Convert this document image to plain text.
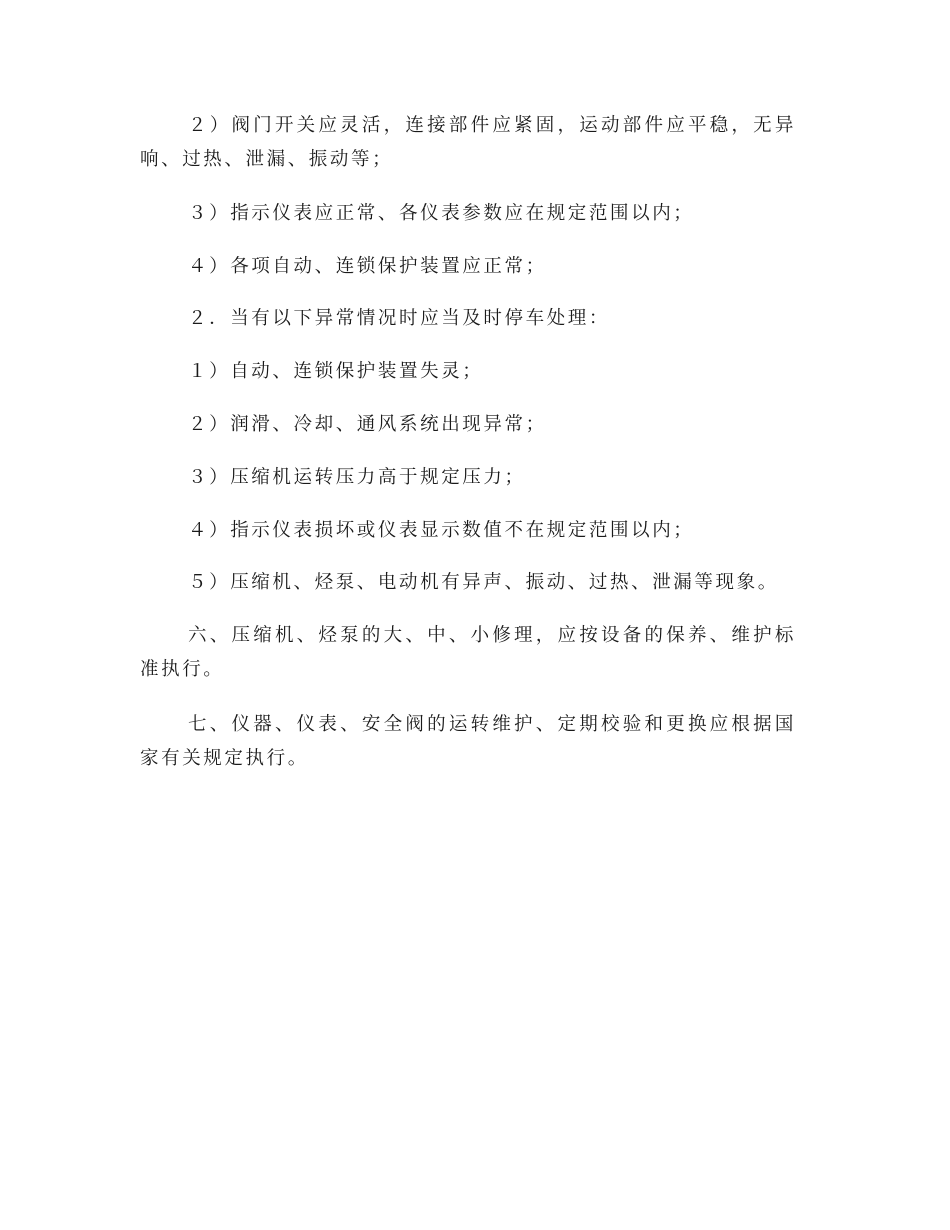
２）阀门开关应灵活，连接部件应紧固，运动部件应平稳，无异响、过热、泄漏、振动等；

３）指示仪表应正常、各仪表参数应在规定范围以内；

４）各项自动、连锁保护装置应正常；

２．当有以下异常情况时应当及时停车处理：

１）自动、连锁保护装置失灵；

２）润滑、冷却、通风系统出现异常；

３）压缩机运转压力高于规定压力；

４）指示仪表损坏或仪表显示数值不在规定范围以内；

５）压缩机、烃泵、电动机有异声、振动、过热、泄漏等现象。

六、压缩机、烃泵的大、中、小修理，应按设备的保养、维护标准执行。

七、仪器、仪表、安全阀的运转维护、定期校验和更换应根据国家有关规定执行。
